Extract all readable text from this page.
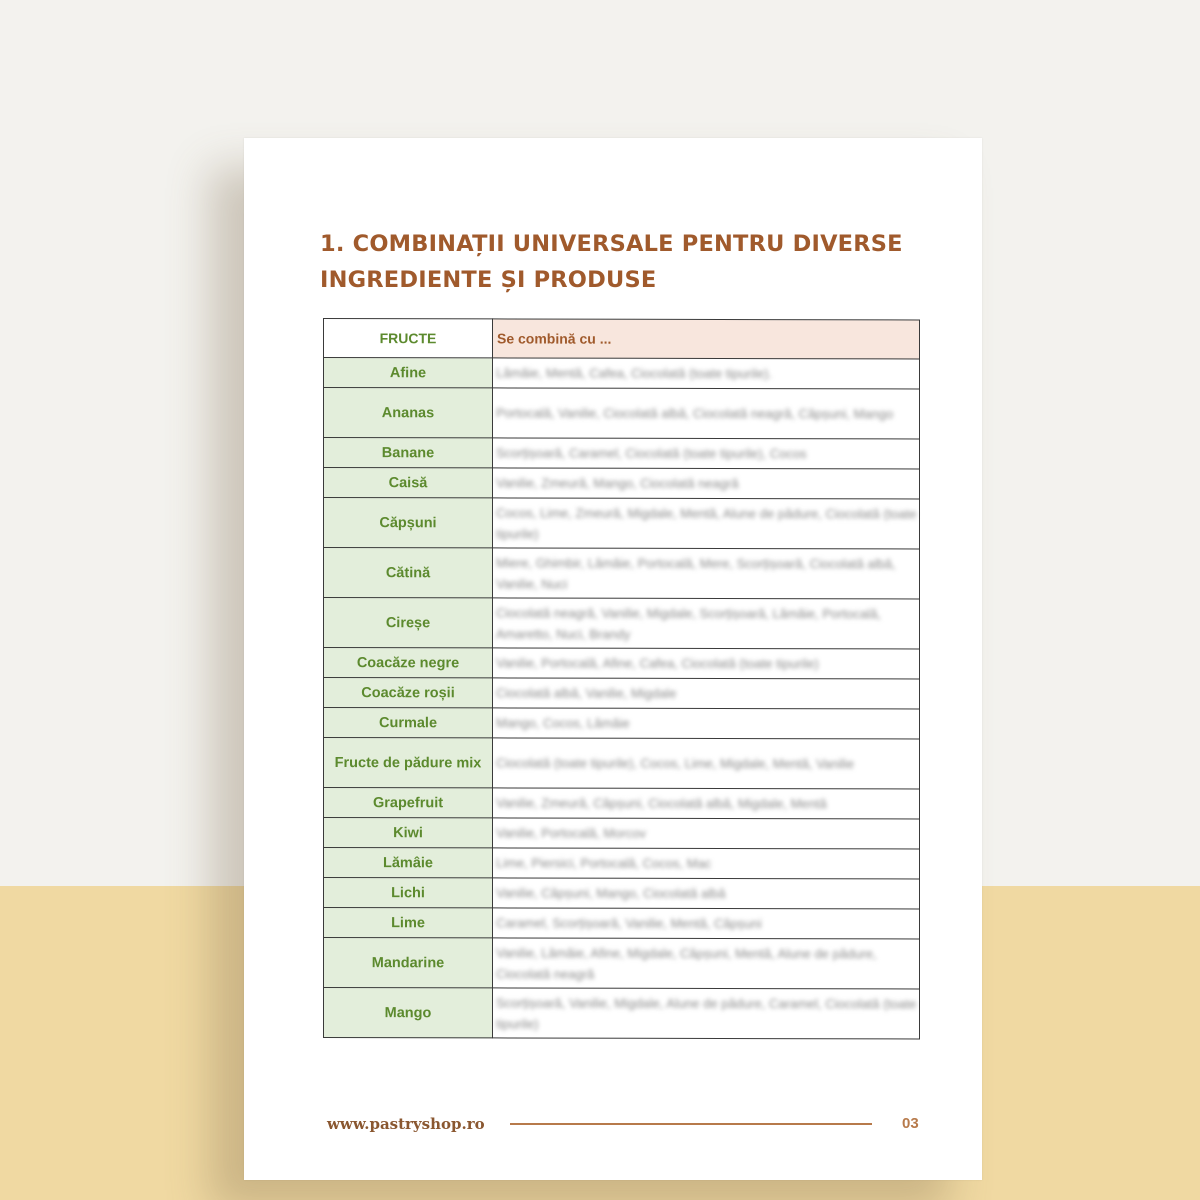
1. COMBINAȚII UNIVERSALE PENTRU DIVERSE
INGREDIENTE ȘI PRODUSE
FRUCTE	Se combină cu ...
Afine	Lămâie, Mentă, Cafea, Ciocolată (toate tipurile).

Ananas	Portocală, Vanilie, Ciocolată albă, Ciocolată neagră, Căpșuni, Mango

Banane	Scorțișoară, Caramel, Ciocolată (toate tipurile), Cocos

Caisă	Vanilie, Zmeură, Mango, Ciocolată neagră

Căpșuni	Cocos, Lime, Zmeură, Migdale, Mentă, Alune de pădure, Ciocolată (toate tipurile)

Cătină	Miere, Ghimbir, Lămâie, Portocală, Mere, Scorțișoară, Ciocolată albă, Vanilie, Nuci

Cireșe	Ciocolată neagră, Vanilie, Migdale, Scorțișoară, Lămâie, Portocală, Amaretto, Nuci, Brandy

Coacăze negre	Vanilie, Portocală, Afine, Cafea, Ciocolată (toate tipurile)

Coacăze roșii	Ciocolată albă, Vanilie, Migdale

Curmale	Mango, Cocos, Lămâie

Fructe de pădure mix	Ciocolată (toate tipurile), Cocos, Lime, Migdale, Mentă, Vanilie

Grapefruit	Vanilie, Zmeură, Căpșuni, Ciocolată albă, Migdale, Mentă

Kiwi	Vanilie, Portocală, Morcov

Lămâie	Lime, Piersici, Portocală, Cocos, Mac

Lichi	Vanilie, Căpșuni, Mango, Ciocolată albă

Lime	Caramel, Scorțișoară, Vanilie, Mentă, Căpșuni

Mandarine	Vanilie, Lămâie, Afine, Migdale, Căpșuni, Mentă, Alune de pădure, Ciocolată neagră

Mango	Scorțișoară, Vanilie, Migdale, Alune de pădure, Caramel, Ciocolată (toate tipurile)
www.pastryshop.ro	03
